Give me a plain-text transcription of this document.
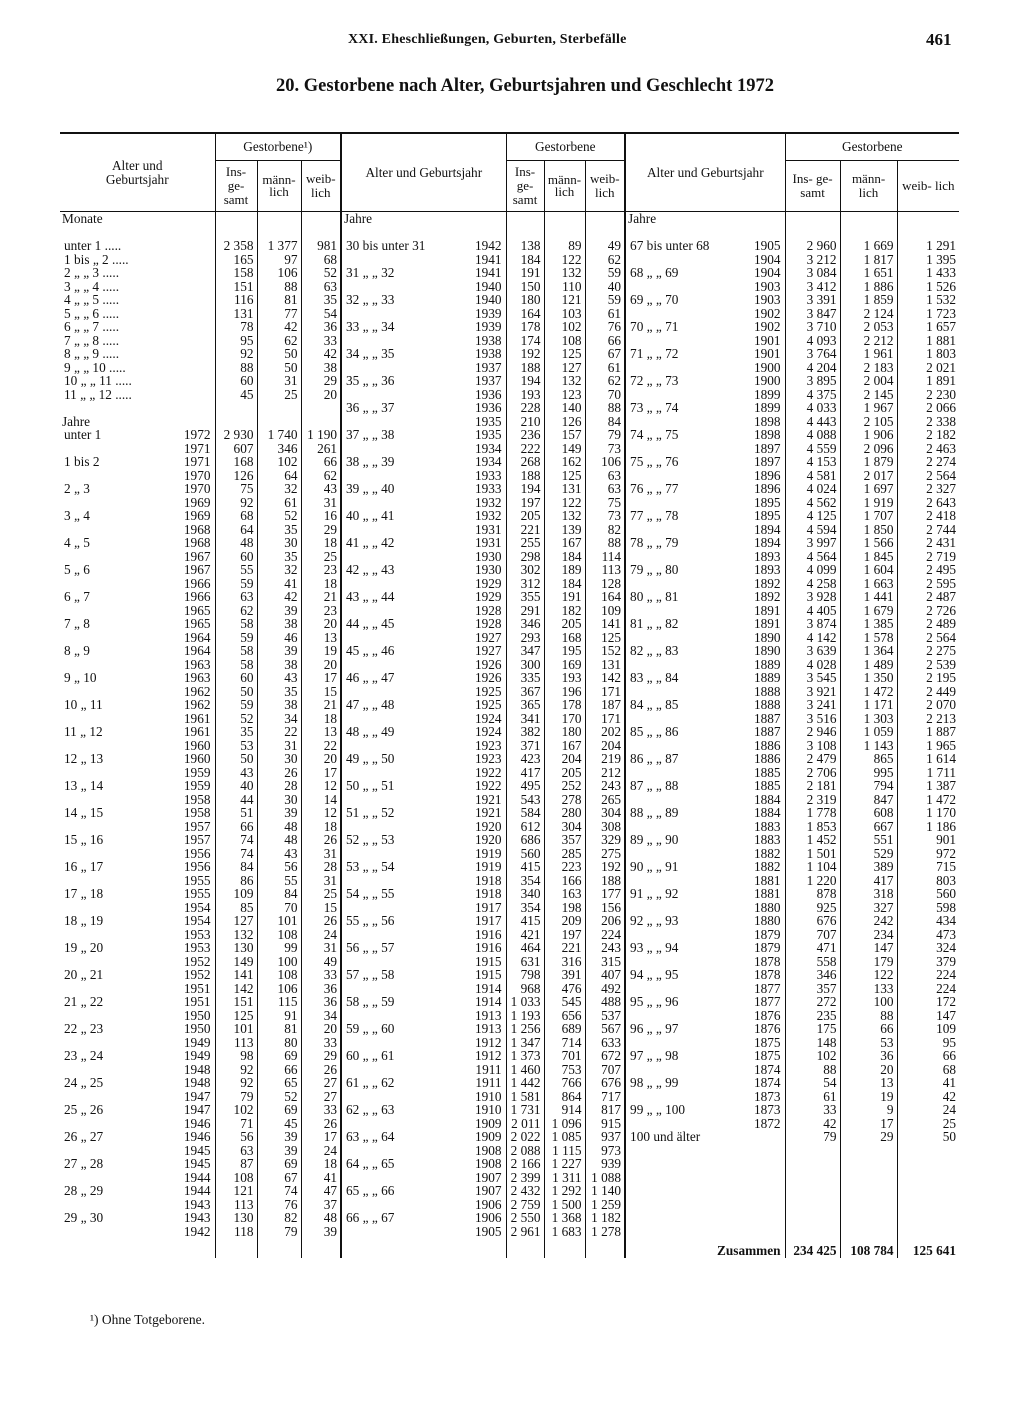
XXI. Eheschließungen, Geburten, Sterbefälle	461
20. Gestorbene nach Alter, Geburtsjahren und Geschlecht 1972
Alter und Geburtsjahr		Gestorbene¹)			Alter und Geburtsjahr		Gestorbene			Alter und Geburtsjahr		Gestorbene		
		Ins- ge- samt	männ- lich	weib- lich			Ins- ge- samt	männ- lich	weib- lich			Ins- ge- samt	männ- lich	weib- lich
Monate					Jahre					Jahre				

unter 1 .....		2 358	1 377	981	30 bis unter 31	1942	138	89	49	67 bis unter 68	1905	2 960	1 669	1 291
1 bis „ 2 .....		165	97	68		1941	184	122	62		1904	3 212	1 817	1 395
2 „ „ 3 .....		158	106	52	31 „ „ 32	1941	191	132	59	68 „ „ 69	1904	3 084	1 651	1 433
3 „ „ 4 .....		151	88	63		1940	150	110	40		1903	3 412	1 886	1 526
4 „ „ 5 .....		116	81	35	32 „ „ 33	1940	180	121	59	69 „ „ 70	1903	3 391	1 859	1 532
5 „ „ 6 .....		131	77	54		1939	164	103	61		1902	3 847	2 124	1 723
6 „ „ 7 .....		78	42	36	33 „ „ 34	1939	178	102	76	70 „ „ 71	1902	3 710	2 053	1 657
7 „ „ 8 .....		95	62	33		1938	174	108	66		1901	4 093	2 212	1 881
8 „ „ 9 .....		92	50	42	34 „ „ 35	1938	192	125	67	71 „ „ 72	1901	3 764	1 961	1 803
9 „ „ 10 .....		88	50	38		1937	188	127	61		1900	4 204	2 183	2 021
10 „ „ 11 .....		60	31	29	35 „ „ 36	1937	194	132	62	72 „ „ 73	1900	3 895	2 004	1 891
11 „ „ 12 .....		45	25	20		1936	193	123	70		1899	4 375	2 145	2 230
					36 „ „ 37	1936	228	140	88	73 „ „ 74	1899	4 033	1 967	2 066
Jahre						1935	210	126	84		1898	4 443	2 105	2 338
unter 1	1972	2 930	1 740	1 190	37 „ „ 38	1935	236	157	79	74 „ „ 75	1898	4 088	1 906	2 182
	1971	607	346	261		1934	222	149	73		1897	4 559	2 096	2 463
1 bis 2	1971	168	102	66	38 „ „ 39	1934	268	162	106	75 „ „ 76	1897	4 153	1 879	2 274
	1970	126	64	62		1933	188	125	63		1896	4 581	2 017	2 564
2 „ 3	1970	75	32	43	39 „ „ 40	1933	194	131	63	76 „ „ 77	1896	4 024	1 697	2 327
	1969	92	61	31		1932	197	122	75		1895	4 562	1 919	2 643
3 „ 4	1969	68	52	16	40 „ „ 41	1932	205	132	73	77 „ „ 78	1895	4 125	1 707	2 418
	1968	64	35	29		1931	221	139	82		1894	4 594	1 850	2 744
4 „ 5	1968	48	30	18	41 „ „ 42	1931	255	167	88	78 „ „ 79	1894	3 997	1 566	2 431
	1967	60	35	25		1930	298	184	114		1893	4 564	1 845	2 719
5 „ 6	1967	55	32	23	42 „ „ 43	1930	302	189	113	79 „ „ 80	1893	4 099	1 604	2 495
	1966	59	41	18		1929	312	184	128		1892	4 258	1 663	2 595
6 „ 7	1966	63	42	21	43 „ „ 44	1929	355	191	164	80 „ „ 81	1892	3 928	1 441	2 487
	1965	62	39	23		1928	291	182	109		1891	4 405	1 679	2 726
7 „ 8	1965	58	38	20	44 „ „ 45	1928	346	205	141	81 „ „ 82	1891	3 874	1 385	2 489
	1964	59	46	13		1927	293	168	125		1890	4 142	1 578	2 564
8 „ 9	1964	58	39	19	45 „ „ 46	1927	347	195	152	82 „ „ 83	1890	3 639	1 364	2 275
	1963	58	38	20		1926	300	169	131		1889	4 028	1 489	2 539
9 „ 10	1963	60	43	17	46 „ „ 47	1926	335	193	142	83 „ „ 84	1889	3 545	1 350	2 195
	1962	50	35	15		1925	367	196	171		1888	3 921	1 472	2 449
10 „ 11	1962	59	38	21	47 „ „ 48	1925	365	178	187	84 „ „ 85	1888	3 241	1 171	2 070
	1961	52	34	18		1924	341	170	171		1887	3 516	1 303	2 213
11 „ 12	1961	35	22	13	48 „ „ 49	1924	382	180	202	85 „ „ 86	1887	2 946	1 059	1 887
	1960	53	31	22		1923	371	167	204		1886	3 108	1 143	1 965
12 „ 13	1960	50	30	20	49 „ „ 50	1923	423	204	219	86 „ „ 87	1886	2 479	865	1 614
	1959	43	26	17		1922	417	205	212		1885	2 706	995	1 711
13 „ 14	1959	40	28	12	50 „ „ 51	1922	495	252	243	87 „ „ 88	1885	2 181	794	1 387
	1958	44	30	14		1921	543	278	265		1884	2 319	847	1 472
14 „ 15	1958	51	39	12	51 „ „ 52	1921	584	280	304	88 „ „ 89	1884	1 778	608	1 170
	1957	66	48	18		1920	612	304	308		1883	1 853	667	1 186
15 „ 16	1957	74	48	26	52 „ „ 53	1920	686	357	329	89 „ „ 90	1883	1 452	551	901
	1956	74	43	31		1919	560	285	275		1882	1 501	529	972
16 „ 17	1956	84	56	28	53 „ „ 54	1919	415	223	192	90 „ „ 91	1882	1 104	389	715
	1955	86	55	31		1918	354	166	188		1881	1 220	417	803
17 „ 18	1955	109	84	25	54 „ „ 55	1918	340	163	177	91 „ „ 92	1881	878	318	560
	1954	85	70	15		1917	354	198	156		1880	925	327	598
18 „ 19	1954	127	101	26	55 „ „ 56	1917	415	209	206	92 „ „ 93	1880	676	242	434
	1953	132	108	24		1916	421	197	224		1879	707	234	473
19 „ 20	1953	130	99	31	56 „ „ 57	1916	464	221	243	93 „ „ 94	1879	471	147	324
	1952	149	100	49		1915	631	316	315		1878	558	179	379
20 „ 21	1952	141	108	33	57 „ „ 58	1915	798	391	407	94 „ „ 95	1878	346	122	224
	1951	142	106	36		1914	968	476	492		1877	357	133	224
21 „ 22	1951	151	115	36	58 „ „ 59	1914	1 033	545	488	95 „ „ 96	1877	272	100	172
	1950	125	91	34		1913	1 193	656	537		1876	235	88	147
22 „ 23	1950	101	81	20	59 „ „ 60	1913	1 256	689	567	96 „ „ 97	1876	175	66	109
	1949	113	80	33		1912	1 347	714	633		1875	148	53	95
23 „ 24	1949	98	69	29	60 „ „ 61	1912	1 373	701	672	97 „ „ 98	1875	102	36	66
	1948	92	66	26		1911	1 460	753	707		1874	88	20	68
24 „ 25	1948	92	65	27	61 „ „ 62	1911	1 442	766	676	98 „ „ 99	1874	54	13	41
	1947	79	52	27		1910	1 581	864	717		1873	61	19	42
25 „ 26	1947	102	69	33	62 „ „ 63	1910	1 731	914	817	99 „ „ 100	1873	33	9	24
	1946	71	45	26		1909	2 011	1 096	915		1872	42	17	25
26 „ 27	1946	56	39	17	63 „ „ 64	1909	2 022	1 085	937	100 und älter		79	29	50
	1945	63	39	24		1908	2 088	1 115	973					
27 „ 28	1945	87	69	18	64 „ „ 65	1908	2 166	1 227	939					
	1944	108	67	41		1907	2 399	1 311	1 088					
28 „ 29	1944	121	74	47	65 „ „ 66	1907	2 432	1 292	1 140					
	1943	113	76	37		1906	2 759	1 500	1 259					
29 „ 30	1943	130	82	48	66 „ „ 67	1906	2 550	1 368	1 182					
	1942	118	79	39		1905	2 961	1 683	1 278					
										Zusammen		234 425	108 784	125 641
¹) Ohne Totgeborene.
